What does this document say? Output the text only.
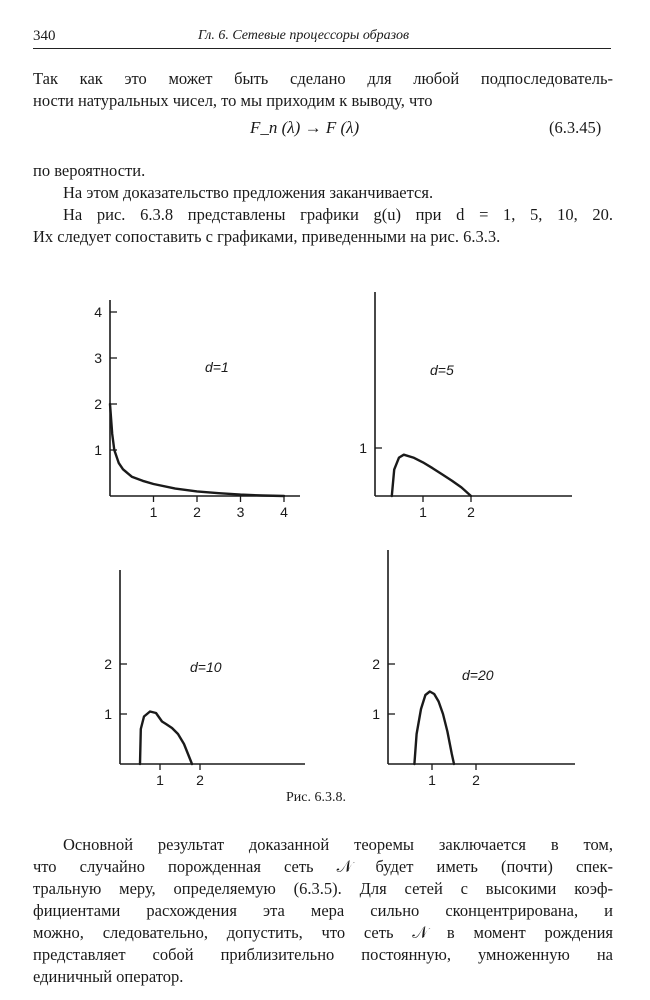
340	Гл. 6. Сетевые процессоры образов
Так как это может быть сделано для любой подпоследователь-
ности натуральных чисел, то мы приходим к выводу, что
F_n (λ) → F (λ)	(6.3.45)
по вероятности.
На этом доказательство предложения заканчивается.
На рис. 6.3.8 представлены графики g(u) при d = 1, 5, 10, 20.
Их следует сопоставить с графиками, приведенными на рис. 6.3.3.
1	2	3	4
1
2
3
4
d=1
1	2
1
d=5
1 2
1
2	d=10
1	2
1
2
d=20
Рис. 6.3.8.
Основной результат доказанной теоремы заключается в том,
что случайно порожденная сеть 𝒩 будет иметь (почти) спек-
тральную меру, определяемую (6.3.5). Для сетей с высокими коэф-
фициентами расхождения эта мера сильно сконцентрирована, и
можно, следовательно, допустить, что сеть 𝒩 в момент рождения
представляет собой приблизительно постоянную, умноженную на
единичный оператор.
